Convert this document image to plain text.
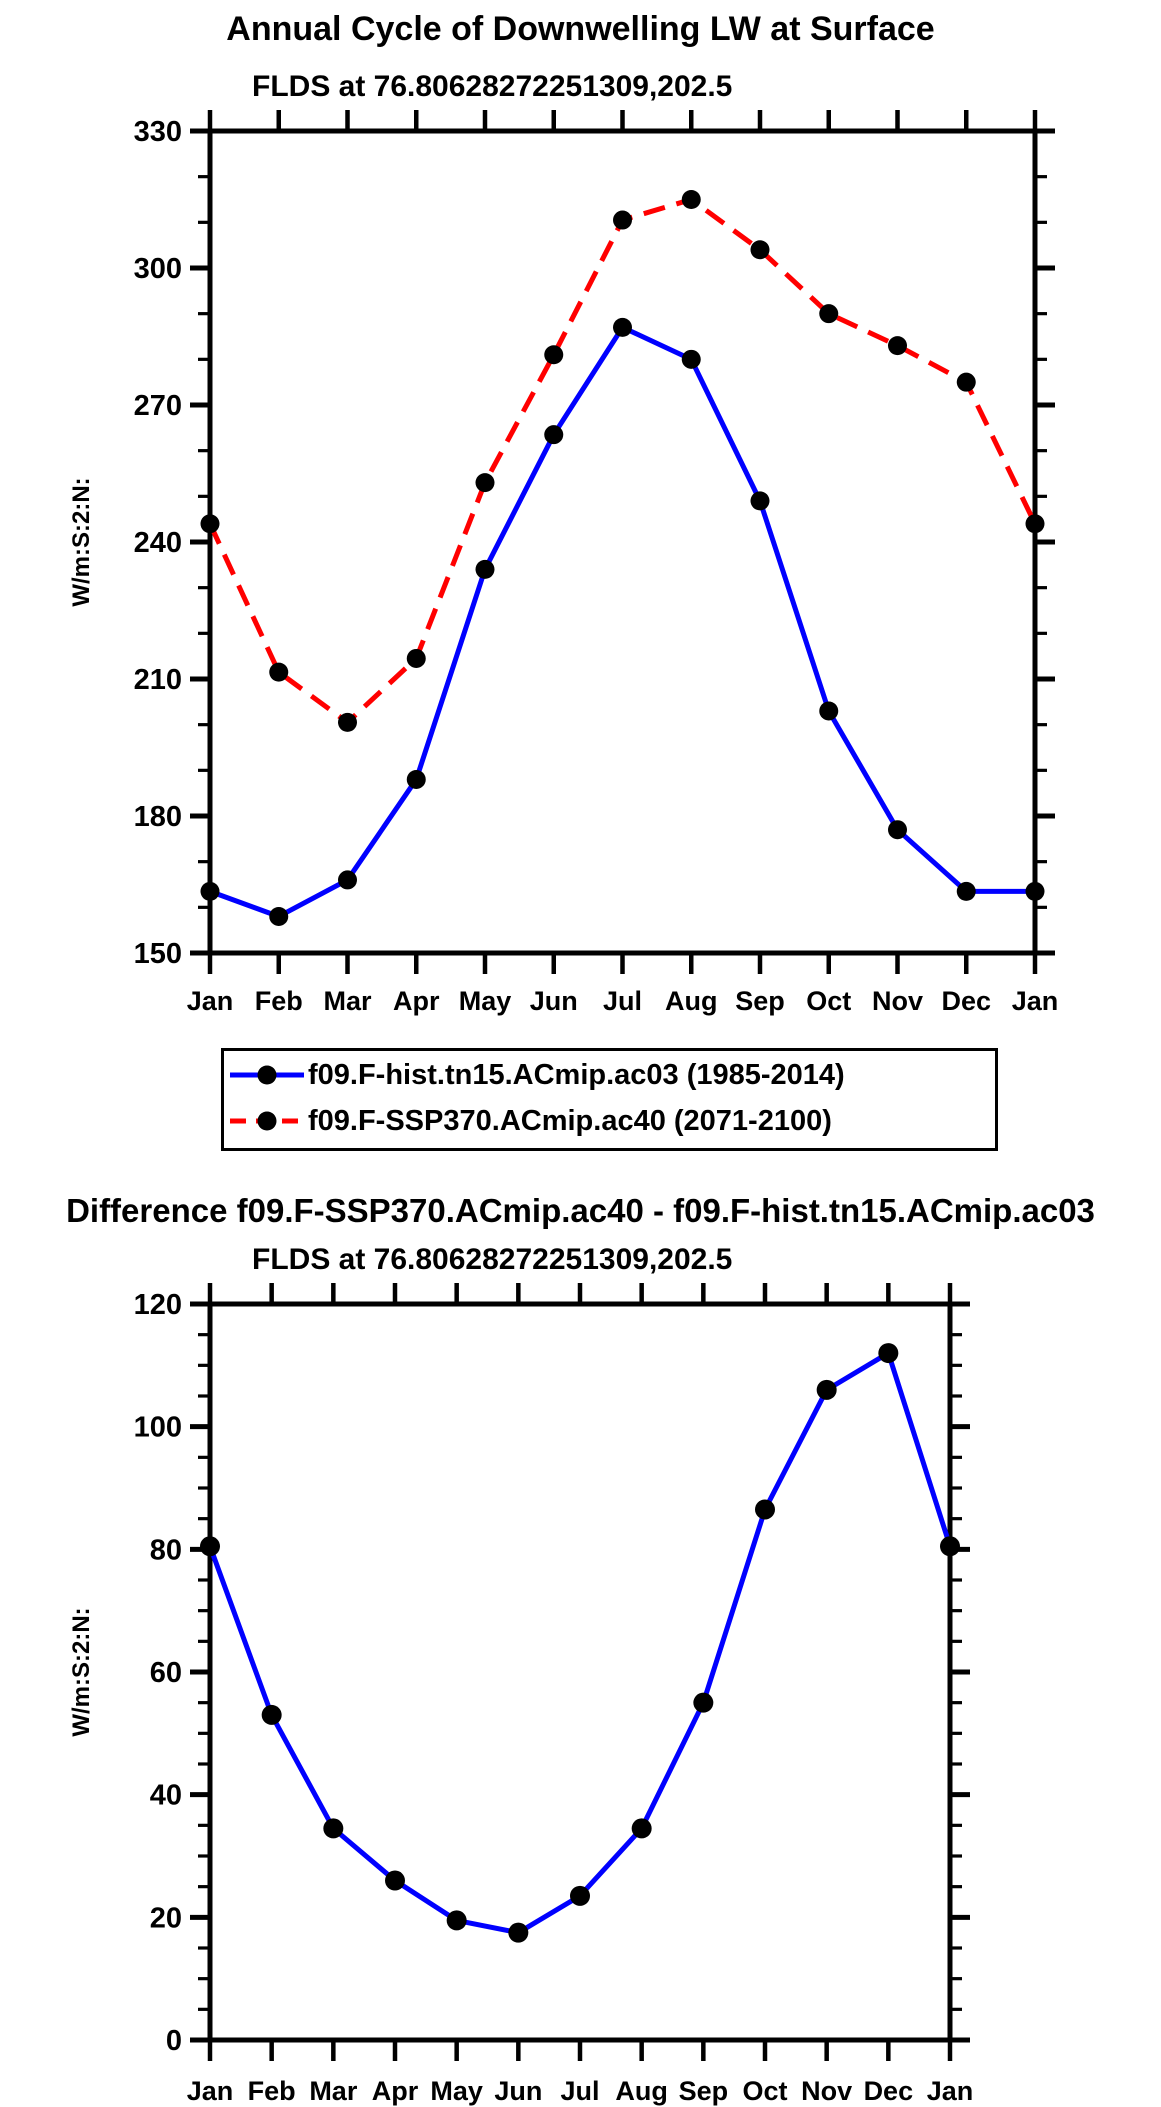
Annual Cycle of Downwelling LW at Surface
FLDS at 76.80628272251309,202.5
W/m:S:2:N:
150
180
210
240
270
300
330
Jan Feb Mar Apr May Jun Jul Aug Sep Oct Nov Dec Jan
f09.F-hist.tn15.ACmip.ac03 (1985-2014)
f09.F-SSP370.ACmip.ac40 (2071-2100)
Difference f09.F-SSP370.ACmip.ac40 - f09.F-hist.tn15.ACmip.ac03
FLDS at 76.80628272251309,202.5
W/m:S:2:N:
0
20
40
60
80
100
120
Jan Feb Mar Apr May Jun Jul Aug Sep Oct Nov Dec Jan
